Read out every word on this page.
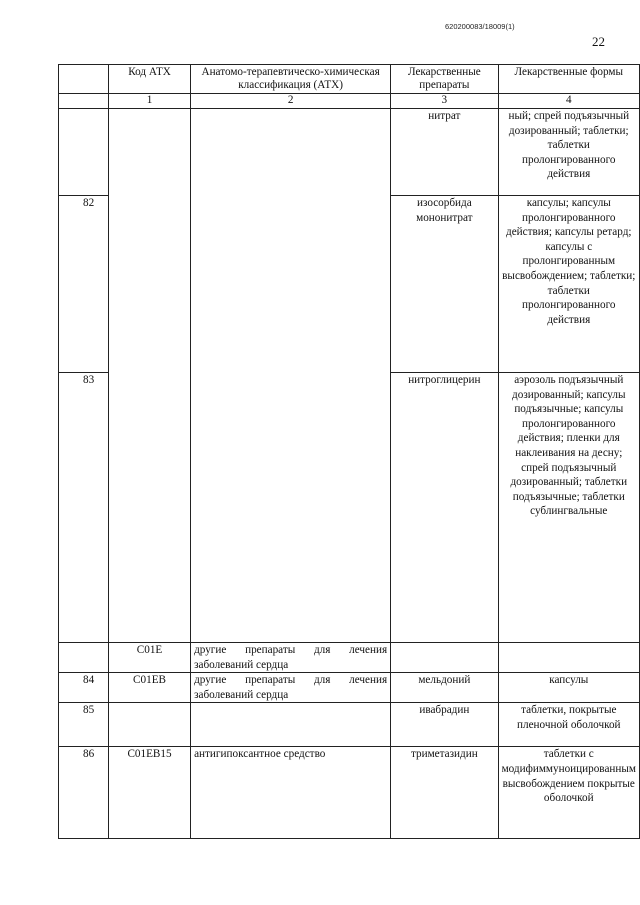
620200083/18009(1)
22
	Код АТХ	Анатомо-терапевтическо-химическая классификация (АТХ)	Лекарственные препараты	Лекарственные формы
	1	2	3	4
			нитрат	ный; спрей подъязычный дозированный; таблетки; таблетки пролонгированного действия
82			изосорбида мононитрат	капсулы; капсулы пролонгированного действия; капсулы ретард; капсулы с пролонгированным высвобождением; таблетки; таблетки пролонгированного действия
83			нитроглицерин	аэрозоль подъязычный дозированный; капсулы подъязычные; капсулы пролонгированного действия; пленки для наклеивания на десну; спрей подъязычный дозированный; таблетки подъязычные; таблетки сублингвальные
	C01E	другие препараты для лечения заболеваний сердца		
84	C01EB	другие препараты для лечения заболеваний сердца	мельдоний	капсулы
85			ивабрадин	таблетки, покрытые пленочной оболочкой
86	C01EB15	антигипоксантное средство	триметазидин	таблетки с модифиммуноицированным высвобождением покрытые оболочкой
